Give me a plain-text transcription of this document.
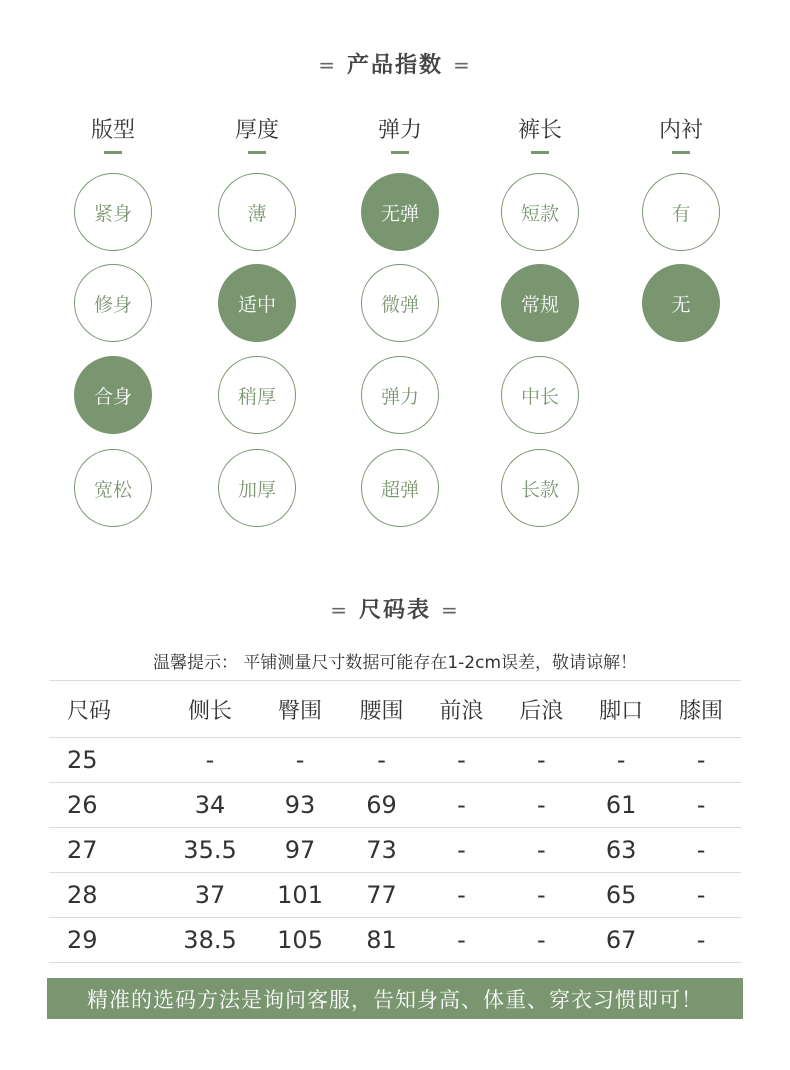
= 产品指数 =
版型
紧身
修身
合身
宽松
厚度
薄
适中
稍厚
加厚
弹力
无弹
微弹
弹力
超弹
裤长
短款
常规
中长
长款
内衬
有
无
= 尺码表 =
温馨提示： 平铺测量尺寸数据可能存在1-2cm误差，敬请谅解！
尺码	侧长	臀围	腰围	前浪	后浪	脚口	膝围
25	-	-	-	-	-	-	-
26	34	93	69	-	-	61	-
27	35.5	97	73	-	-	63	-
28	37	101	77	-	-	65	-
29	38.5	105	81	-	-	67	-
精准的选码方法是询问客服，告知身高、体重、穿衣习惯即可！
